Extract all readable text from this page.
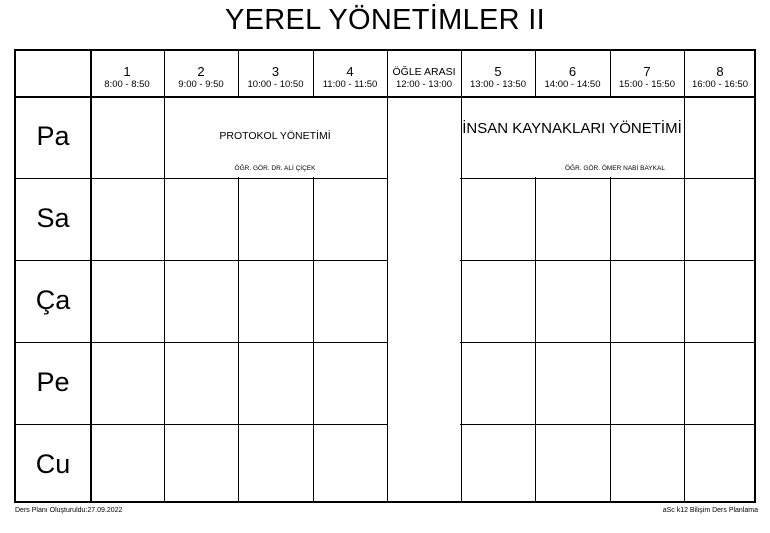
YEREL YÖNETİMLER II
1
8:00 - 8:50
2
9:00 - 9:50
3
10:00 - 10:50
4
11:00 - 11:50
ÖĞLE ARASI
12:00 - 13:00
5
13:00 - 13:50
6
14:00 - 14:50
7
15:00 - 15:50
8
16:00 - 16:50
Pa
Sa
Ça
Pe
Cu
PROTOKOL YÖNETİMİ
ÖĞR. GÖR. DR. ALİ ÇİÇEK
İNSAN KAYNAKLARI YÖNETİMİ
ÖĞR. GÖR. ÖMER NABİ BAYKAL
Ders Planı Oluşturuldu:27.09.2022	aSc k12 Bilişim Ders Planlama
